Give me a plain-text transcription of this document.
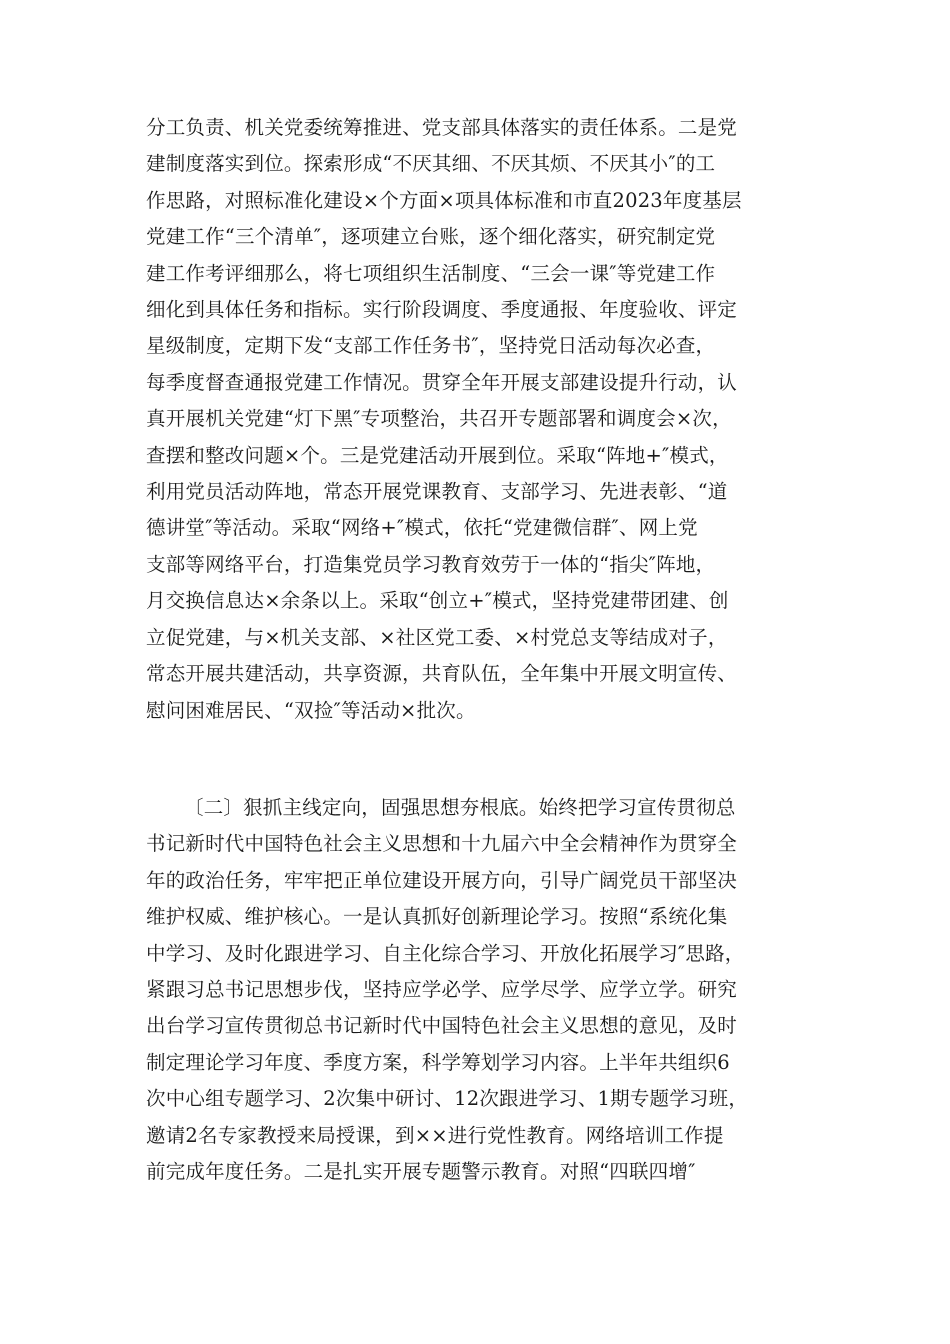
分工负责、机关党委统筹推进、党支部具体落实的责任体系。二是党
建制度落实到位。探索形成“不厌其细、不厌其烦、不厌其小″的工
作思路，对照标准化建设×个方面×项具体标准和市直2023年度基层
党建工作“三个清单″，逐项建立台账，逐个细化落实，研究制定党
建工作考评细那么，将七项组织生活制度、“三会一课″等党建工作
细化到具体任务和指标。实行阶段调度、季度通报、年度验收、评定
星级制度，定期下发“支部工作任务书″，坚持党日活动每次必查，
每季度督查通报党建工作情况。贯穿全年开展支部建设提升行动，认
真开展机关党建“灯下黑″专项整治，共召开专题部署和调度会×次，
查摆和整改问题×个。三是党建活动开展到位。采取“阵地+″模式，
利用党员活动阵地，常态开展党课教育、支部学习、先进表彰、“道
德讲堂″等活动。采取“网络+″模式，依托“党建微信群″、网上党
支部等网络平台，打造集党员学习教育效劳于一体的“指尖″阵地，
月交换信息达×余条以上。采取“创立+″模式，坚持党建带团建、创
立促党建，与×机关支部、×社区党工委、×村党总支等结成对子，
常态开展共建活动，共享资源，共育队伍，全年集中开展文明宣传、
慰问困难居民、“双捡″等活动×批次。

〔二〕狠抓主线定向，固强思想夯根底。始终把学习宣传贯彻总
书记新时代中国特色社会主义思想和十九届六中全会精神作为贯穿全
年的政治任务，牢牢把正单位建设开展方向，引导广阔党员干部坚决
维护权威、维护核心。一是认真抓好创新理论学习。按照“系统化集
中学习、及时化跟进学习、自主化综合学习、开放化拓展学习″思路，
紧跟习总书记思想步伐，坚持应学必学、应学尽学、应学立学。研究
出台学习宣传贯彻总书记新时代中国特色社会主义思想的意见，及时
制定理论学习年度、季度方案，科学筹划学习内容。上半年共组织6
次中心组专题学习、2次集中研讨、12次跟进学习、1期专题学习班，
邀请2名专家教授来局授课，到××进行党性教育。网络培训工作提
前完成年度任务。二是扎实开展专题警示教育。对照“四联四增″
